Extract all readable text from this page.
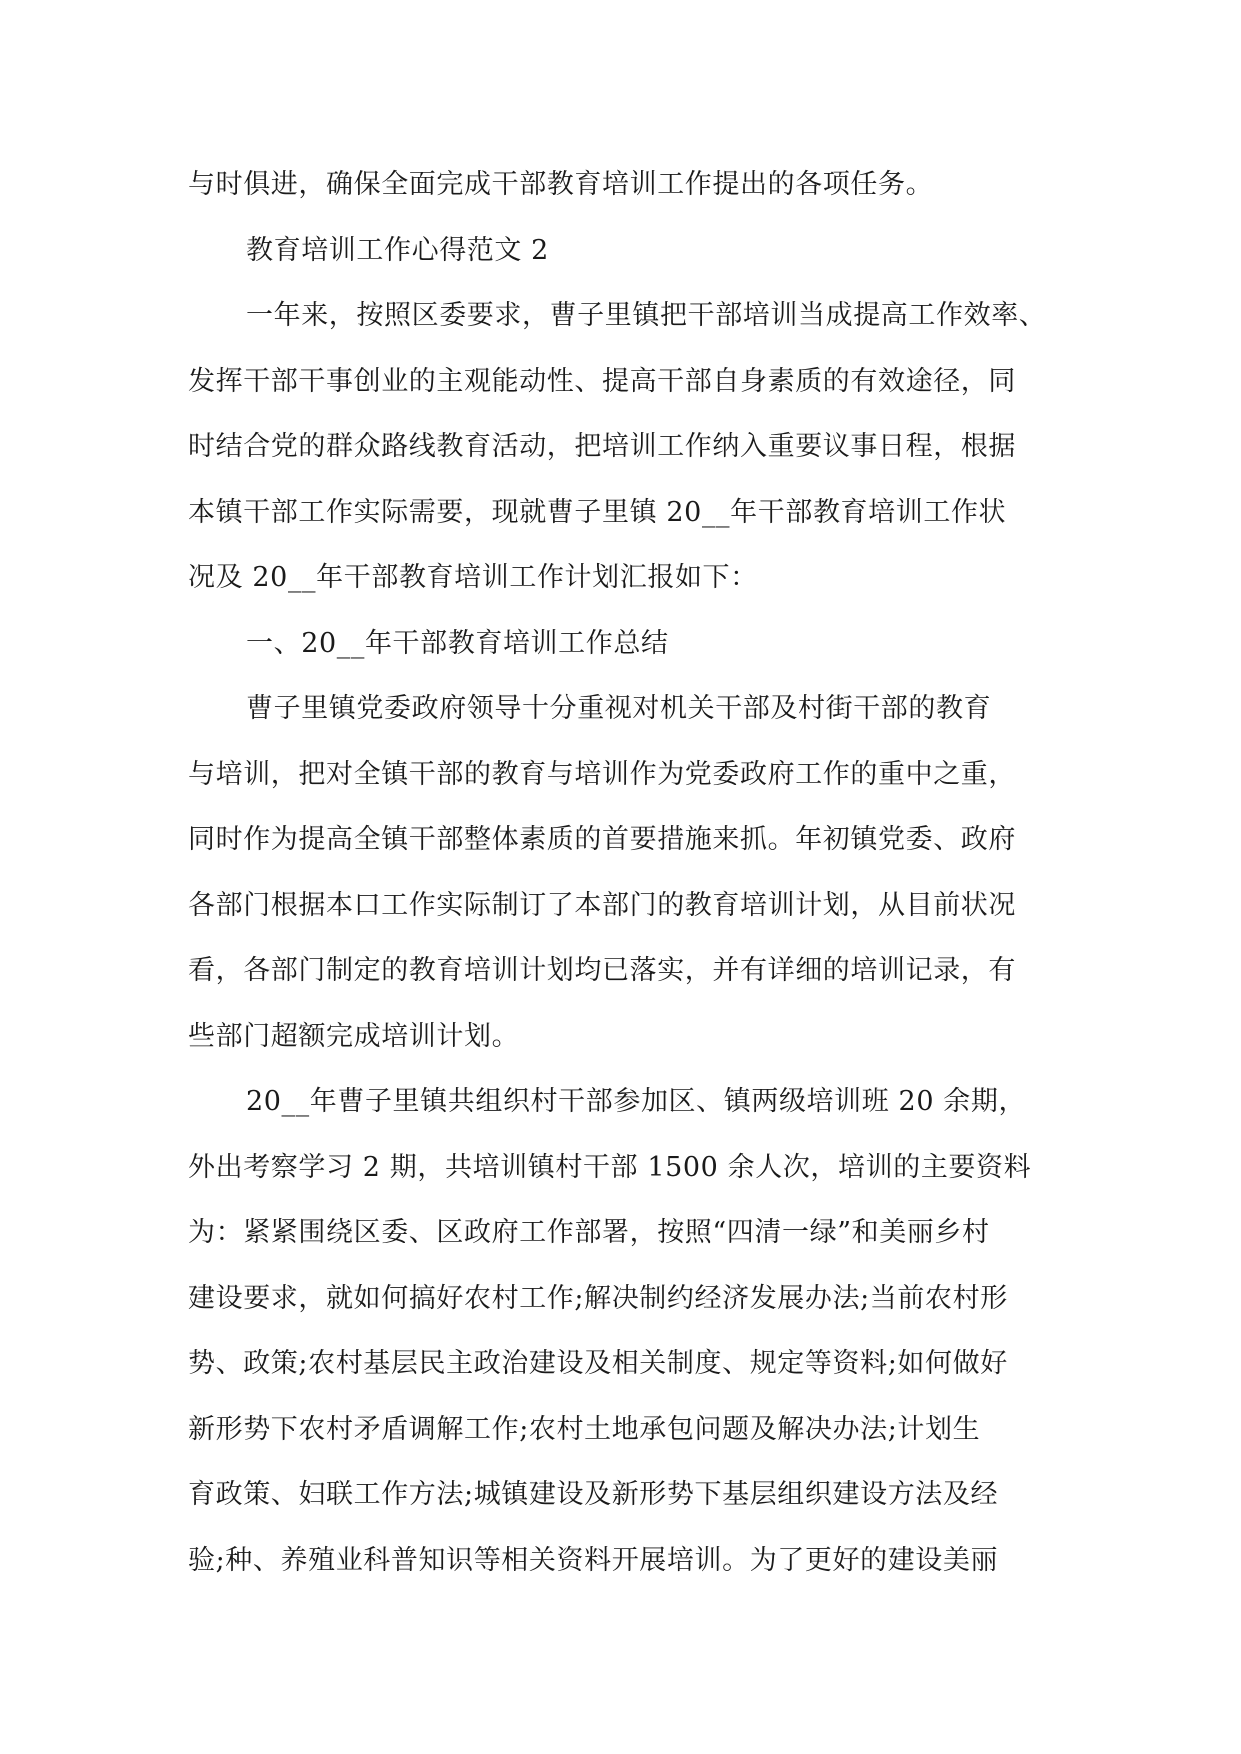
与时俱进，确保全面完成干部教育培训工作提出的各项任务。
教育培训工作心得范文 2
一年来，按照区委要求，曹子里镇把干部培训当成提高工作效率、
发挥干部干事创业的主观能动性、提高干部自身素质的有效途径，同
时结合党的群众路线教育活动，把培训工作纳入重要议事日程，根据
本镇干部工作实际需要，现就曹子里镇 20__年干部教育培训工作状
况及 20__年干部教育培训工作计划汇报如下：
一、20__年干部教育培训工作总结
曹子里镇党委政府领导十分重视对机关干部及村街干部的教育
与培训，把对全镇干部的教育与培训作为党委政府工作的重中之重，
同时作为提高全镇干部整体素质的首要措施来抓。年初镇党委、政府
各部门根据本口工作实际制订了本部门的教育培训计划，从目前状况
看，各部门制定的教育培训计划均已落实，并有详细的培训记录，有
些部门超额完成培训计划。
20__年曹子里镇共组织村干部参加区、镇两级培训班 20 余期，
外出考察学习 2 期，共培训镇村干部 1500 余人次，培训的主要资料
为：紧紧围绕区委、区政府工作部署，按照“四清一绿”和美丽乡村
建设要求，就如何搞好农村工作;解决制约经济发展办法;当前农村形
势、政策;农村基层民主政治建设及相关制度、规定等资料;如何做好
新形势下农村矛盾调解工作;农村土地承包问题及解决办法;计划生
育政策、妇联工作方法;城镇建设及新形势下基层组织建设方法及经
验;种、养殖业科普知识等相关资料开展培训。为了更好的建设美丽
